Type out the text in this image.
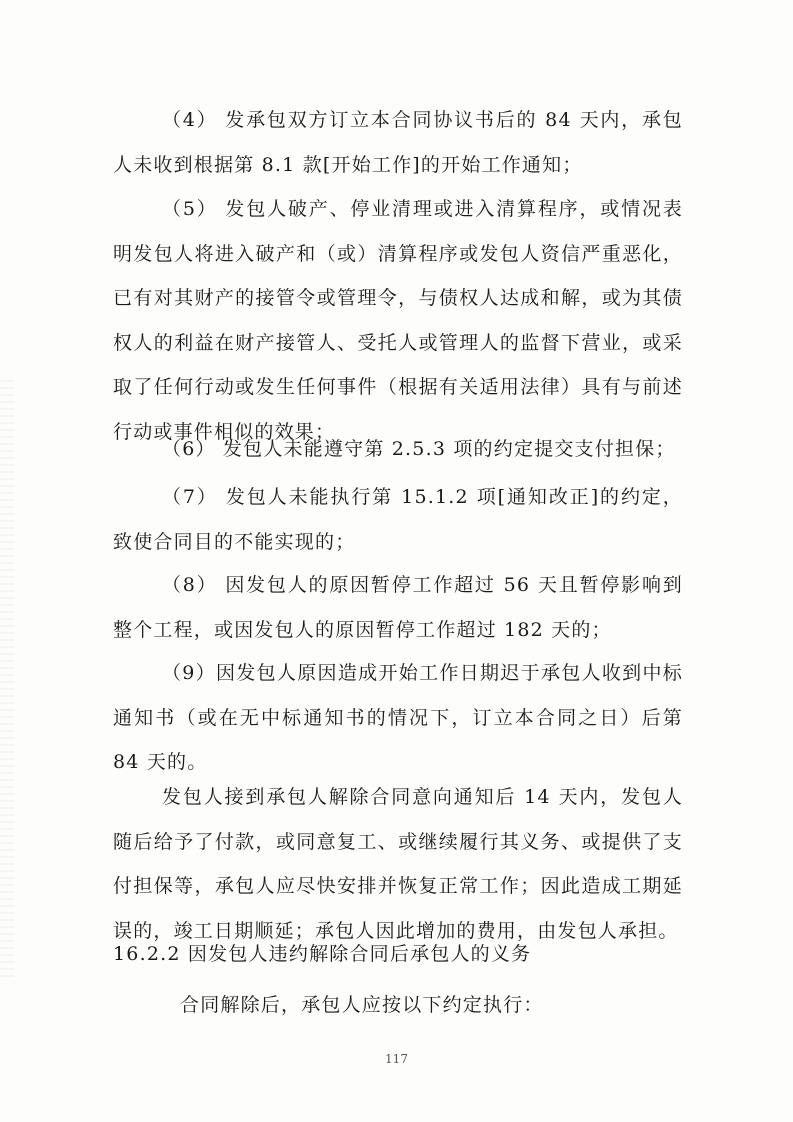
（4） 发承包双方订立本合同协议书后的 84 天内，承包人未收到根据第 8.1 款[开始工作]的开始工作通知；

（5） 发包人破产、停业清理或进入清算程序，或情况表明发包人将进入破产和（或）清算程序或发包人资信严重恶化，已有对其财产的接管令或管理令，与债权人达成和解，或为其债权人的利益在财产接管人、受托人或管理人的监督下营业，或采取了任何行动或发生任何事件（根据有关适用法律）具有与前述行动或事件相似的效果；

（6） 发包人未能遵守第 2.5.3 项的约定提交支付担保；

（7） 发包人未能执行第 15.1.2 项[通知改正]的约定，致使合同目的不能实现的；

（8） 因发包人的原因暂停工作超过 56 天且暂停影响到整个工程，或因发包人的原因暂停工作超过 182 天的；

（9）因发包人原因造成开始工作日期迟于承包人收到中标通知书（或在无中标通知书的情况下，订立本合同之日）后第 84 天的。

发包人接到承包人解除合同意向通知后 14 天内，发包人随后给予了付款，或同意复工、或继续履行其义务、或提供了支付担保等，承包人应尽快安排并恢复正常工作；因此造成工期延误的，竣工日期顺延；承包人因此增加的费用，由发包人承担。

16.2.2 因发包人违约解除合同后承包人的义务

合同解除后，承包人应按以下约定执行：

117
